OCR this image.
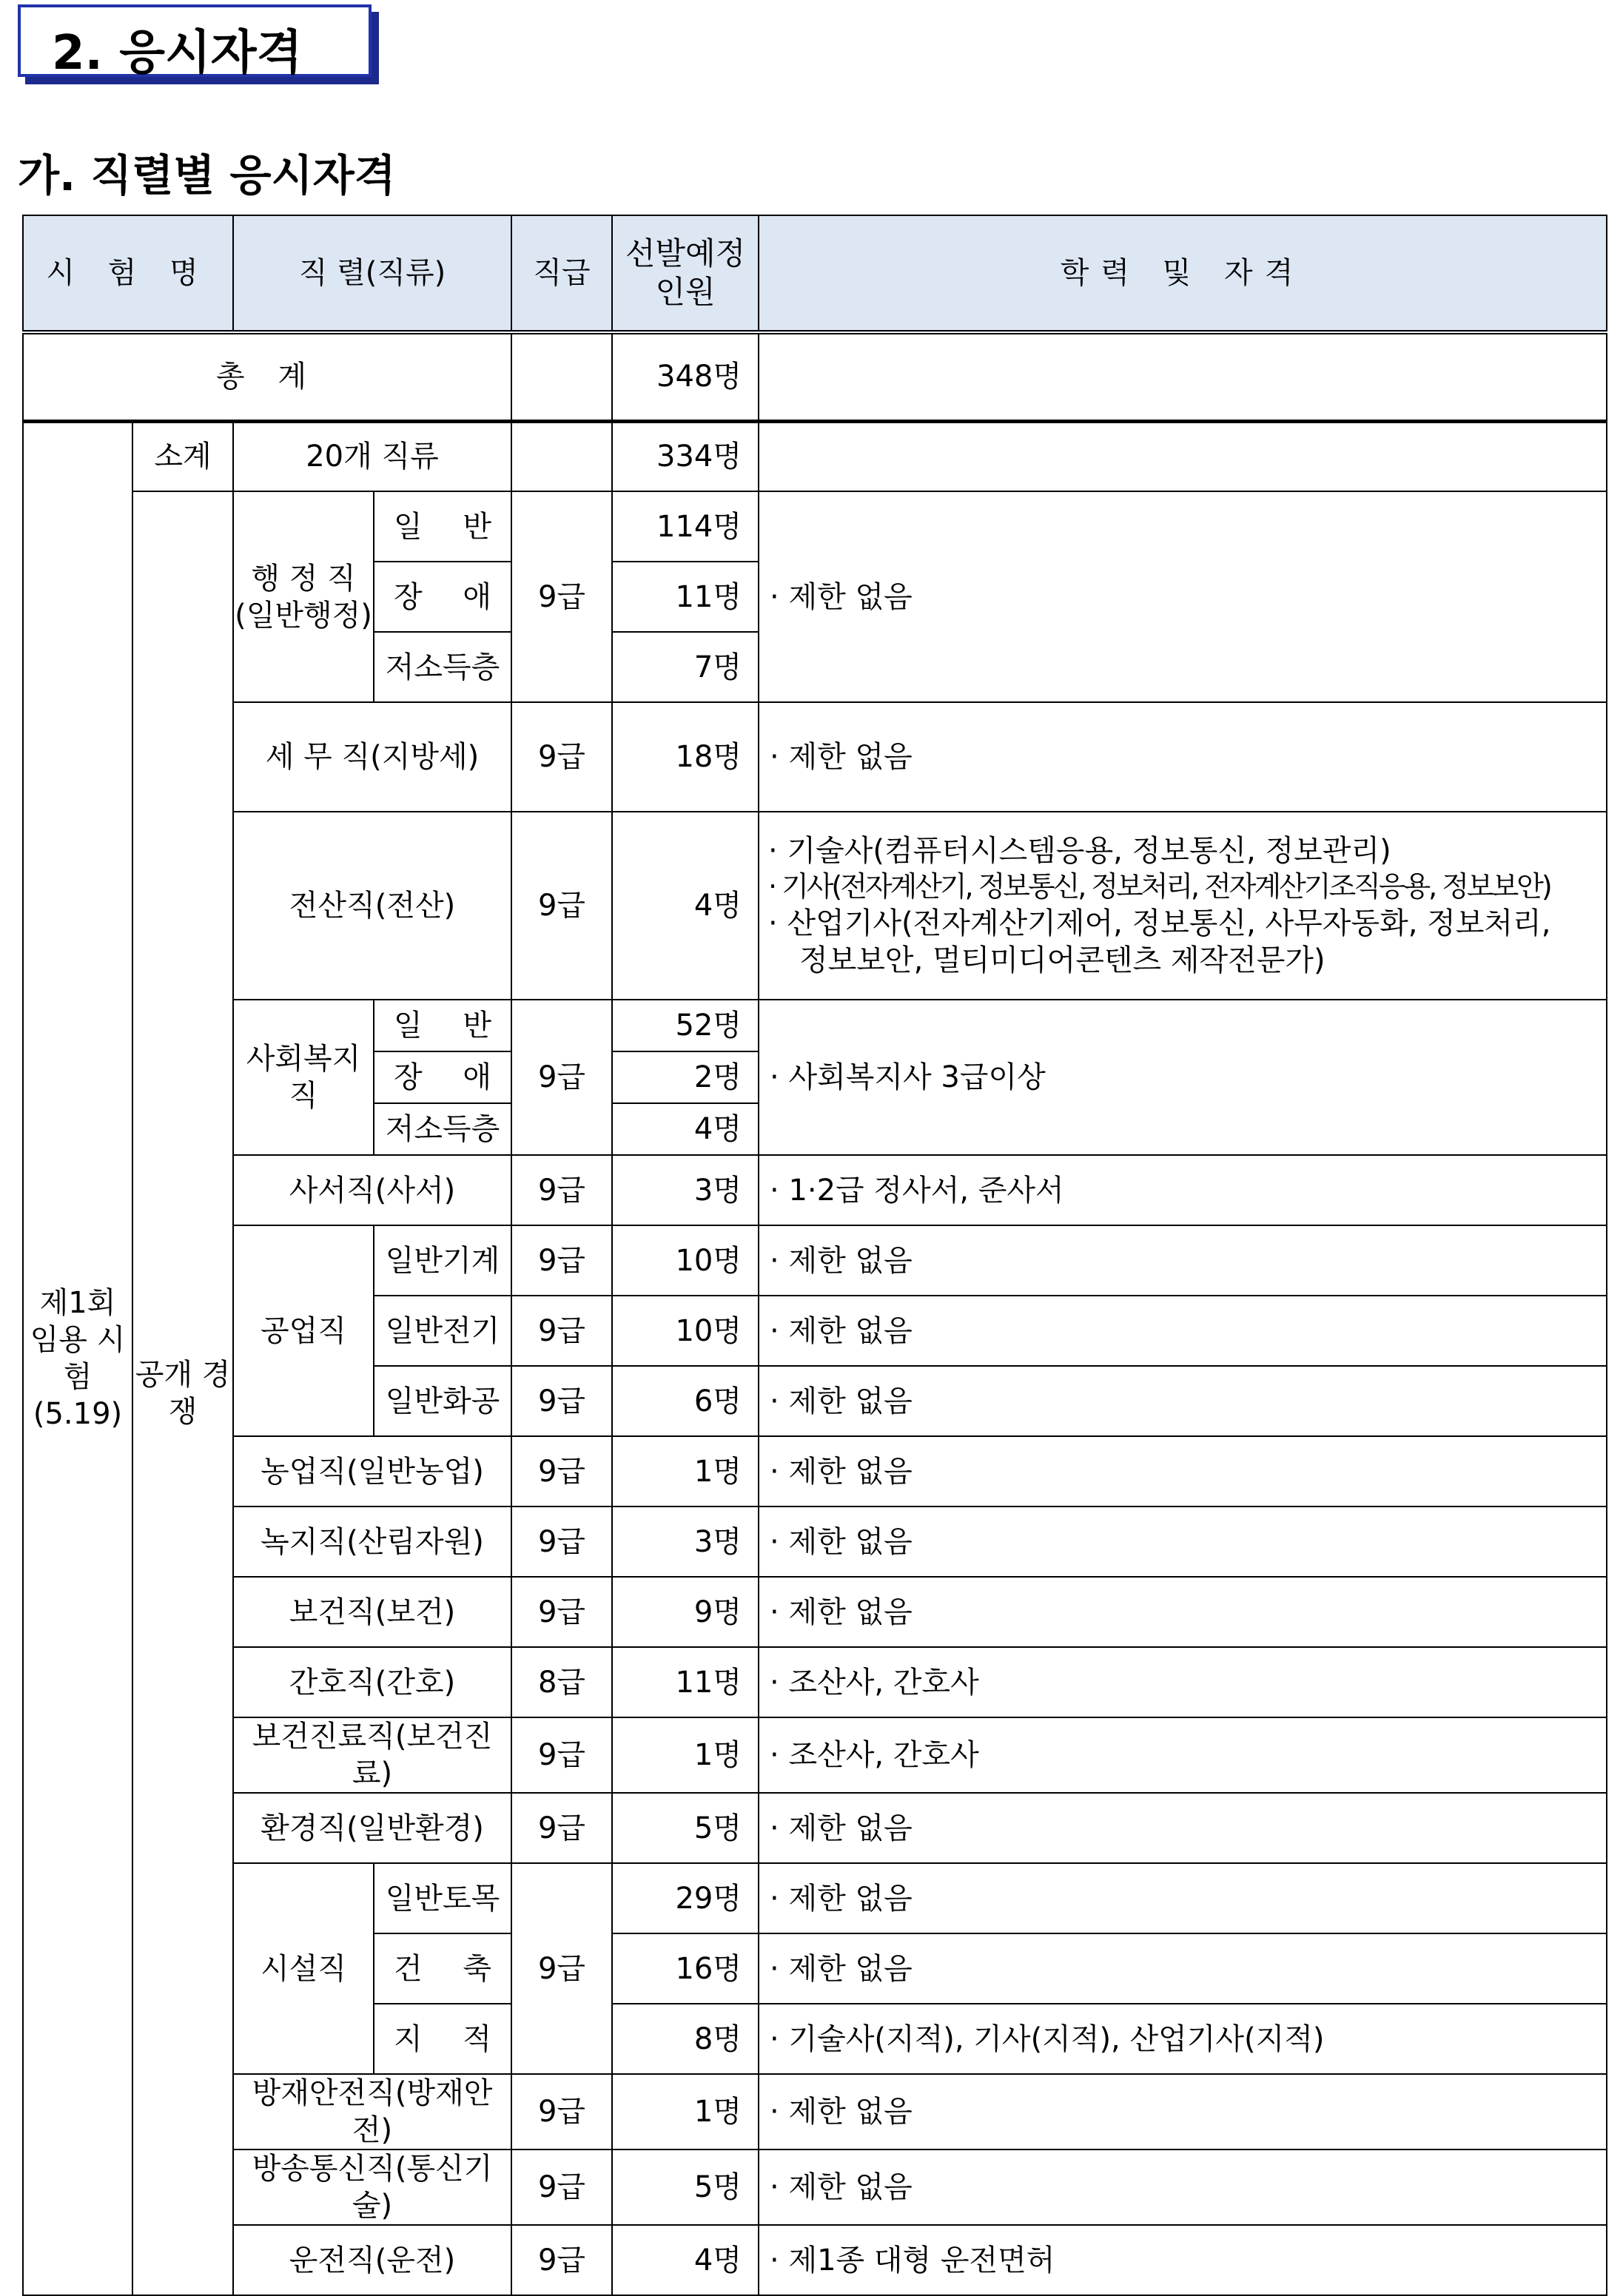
2. 응시자격
가. 직렬별 응시자격
시 험 명		직 렬(직류)		직급	선발예정인원	학력 및 자격
총 계					348명	
제1회 임용 시험 (5.19)	소계	20개 직류			334명	
	공개 경쟁	행 정 직 (일반행정)	일 반	9급	114명	· 제한 없음

			장 애		11명	
			저소득층		7명	
		세 무 직(지방세)		9급	18명	· 제한 없음
		전산직(전산)		9급	4명	· 기술사(컴퓨터시스템응용, 정보통신, 정보관리)
· 기사(전자계산기, 정보통신, 정보처리, 전자계산기조직응용, 정보보안)
· 산업기사(전자계산기제어, 정보통신, 사무자동화, 정보처리,
정보보안, 멀티미디어콘텐츠 제작전문가)

		사회복지직	일 반	9급	52명	· 사회복지사 3급이상

			장 애		2명	
			저소득층		4명	
		사서직(사서)		9급	3명	· 1·2급 정사서, 준사서
		공업직	일반기계	9급	10명	· 제한 없음
			일반전기	9급	10명	· 제한 없음
			일반화공	9급	6명	· 제한 없음
		농업직(일반농업)		9급	1명	· 제한 없음
		녹지직(산림자원)		9급	3명	· 제한 없음
		보건직(보건)		9급	9명	· 제한 없음
		간호직(간호)		8급	11명	· 조산사, 간호사
		보건진료직(보건진료)		9급	1명	· 조산사, 간호사
		환경직(일반환경)		9급	5명	· 제한 없음
		시설직	일반토목	9급	29명	· 제한 없음

			건 축		16명	· 제한 없음

			지 적		8명	· 기술사(지적), 기사(지적), 산업기사(지적)
		방재안전직(방재안전)		9급	1명	· 제한 없음
		방송통신직(통신기술)		9급	5명	· 제한 없음
		운전직(운전)		9급	4명	· 제1종 대형 운전면허
